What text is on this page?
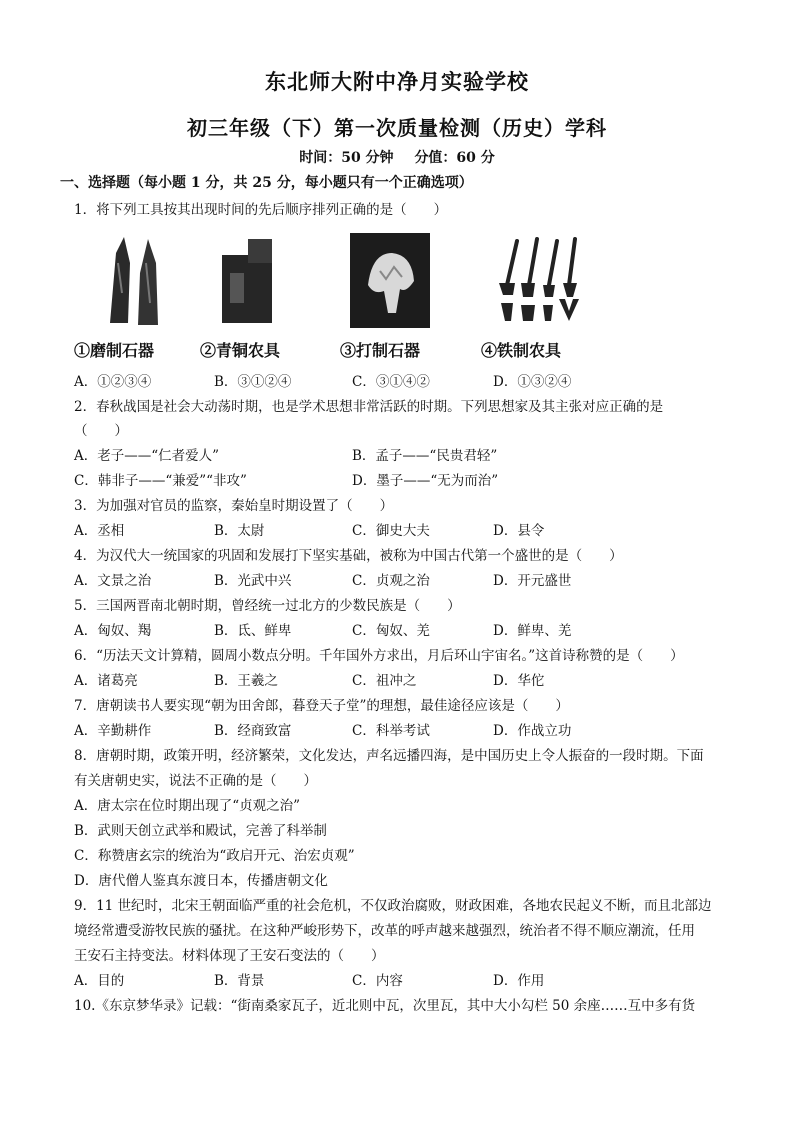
东北师大附中净月实验学校
初三年级（下）第一次质量检测（历史）学科
时间：50 分钟 分值：60 分
一、选择题（每小题 1 分，共 25 分，每小题只有一个正确选项）
1．将下列工具按其出现时间的先后顺序排列正确的是（　　）
①磨制石器	②青铜农具	③打制石器	④铁制农具
A．①②③④	B．③①②④	C．③①④②	D．①③②④
2．春秋战国是社会大动荡时期，也是学术思想非常活跃的时期。下列思想家及其主张对应正确的是
（　　）
A．老子——“仁者爱人”	B．孟子——“民贵君轻”
C．韩非子——“兼爱”“非攻”	D．墨子——“无为而治”
3．为加强对官员的监察，秦始皇时期设置了（　　）
A．丞相	B．太尉	C．御史大夫	D．县令
4．为汉代大一统国家的巩固和发展打下坚实基础，被称为中国古代第一个盛世的是（　　）
A．文景之治	B．光武中兴	C．贞观之治	D．开元盛世
5．三国两晋南北朝时期，曾经统一过北方的少数民族是（　　）
A．匈奴、羯	B．氐、鲜卑	C．匈奴、羌	D．鲜卑、羌
6．“历法天文计算精，圆周小数点分明。千年国外方求出，月后环山宇宙名。”这首诗称赞的是（　　）
A．诸葛亮	B．王羲之	C．祖冲之	D．华佗
7．唐朝读书人要实现“朝为田舍郎，暮登天子堂”的理想，最佳途径应该是（　　）
A．辛勤耕作	B．经商致富	C．科举考试	D．作战立功
8．唐朝时期，政策开明，经济繁荣，文化发达，声名远播四海，是中国历史上令人振奋的一段时期。下面
有关唐朝史实，说法不正确的是（　　）
A．唐太宗在位时期出现了“贞观之治”
B．武则天创立武举和殿试，完善了科举制
C．称赞唐玄宗的统治为“政启开元、治宏贞观”
D．唐代僧人鉴真东渡日本，传播唐朝文化
9．11 世纪时，北宋王朝面临严重的社会危机，不仅政治腐败，财政困难，各地农民起义不断，而且北部边
境经常遭受游牧民族的骚扰。在这种严峻形势下，改革的呼声越来越强烈，统治者不得不顺应潮流，任用
王安石主持变法。材料体现了王安石变法的（　　）
A．目的	B．背景	C．内容	D．作用
10.《东京梦华录》记载：“街南桑家瓦子，近北则中瓦，次里瓦，其中大小勾栏 50 余座……互中多有货
